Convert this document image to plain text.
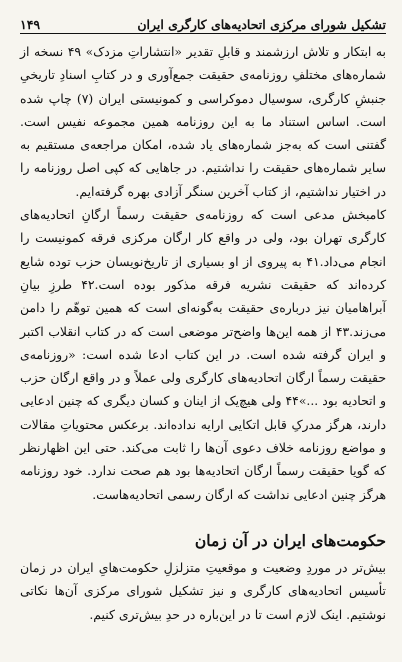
تشکیل شورای مرکزی اتحادیه‌های کارگری ایران
۱۴۹

به ابتکار و تلاش ارزشمند و قابلِ تقدیر «انتشاراتِ مزدک» ۴۹ نسخه از شماره‌های مختلفِ روزنامه‌ی حقیقت جمع‌آوری و در کتابِ اسنادِ تاریخیِ جنبشِ کارگری، سوسیال دموکراسی و کمونیستی ایران (۷) چاپ شده است. اساس استناد ما به این روزنامه همین مجموعه نفیس است. گفتنی است که به‌جز شماره‌های یاد شده، امکان مراجعه‌ی مستقیم به سایر شماره‌های حقیقت را نداشتیم. در جاهایی که کپی اصل روزنامه را در اختیار نداشتیم، از کتاب آخرین سنگر آزادی بهره گرفته‌ایم.

کامبخش مدعی است که روزنامه‌ی حقیقت رسماً ارگانِ اتحادیه‌های کارگری تهران بود، ولی در واقع کار ارگان مرکزی فرقه کمونیست را انجام می‌داد.۴۱ به پیروی از او بسیاری از تاریخ‌نویسان حزب توده شایع کرده‌اند که حقیقت نشریه فرقه مذکور بوده است.۴۲ طرزِ بیانِ آبراهامیان نیز درباره‌ی حقیقت به‌گونه‌ای است که همین توهّم را دامن می‌زند.۴۳ از همه این‌ها واضح‌تر موضعی است که در کتاب انقلاب اکتبر و ایران گرفته شده است. در این کتاب ادعا شده است: «روزنامه‌ی حقیقت رسماً ارگان اتحادیه‌های کارگری ولی عملاً و در واقع ارگان حزب و اتحادیه بود ...»۴۴ ولی هیچ‌یک از اینان و کسان دیگری که چنین ادعایی دارند، هرگز مدرکِ قابل اتکایی ارایه نداده‌اند. برعکس محتویاتِ مقالات و مواضع روزنامه خلاف دعوی آن‌ها را ثابت می‌کند. حتی این اظهارنظر که گویا حقیقت رسماً ارگان اتحادیه‌ها بود هم صحت ندارد. خود روزنامه هرگز چنین ادعایی نداشت که ارگان رسمی اتحادیه‌هاست.

حکومت‌های ایران در آن زمان

بیش‌تر در موردِ وضعیت و موقعیتِ متزلزلِ حکومت‌هایِ ایران در زمان تأسیس اتحادیه‌های کارگری و نیز تشکیل شورای مرکزی آن‌ها نکاتی نوشتیم. اینک لازم است تا در این‌باره در حدِ بیش‌تری کنیم.
